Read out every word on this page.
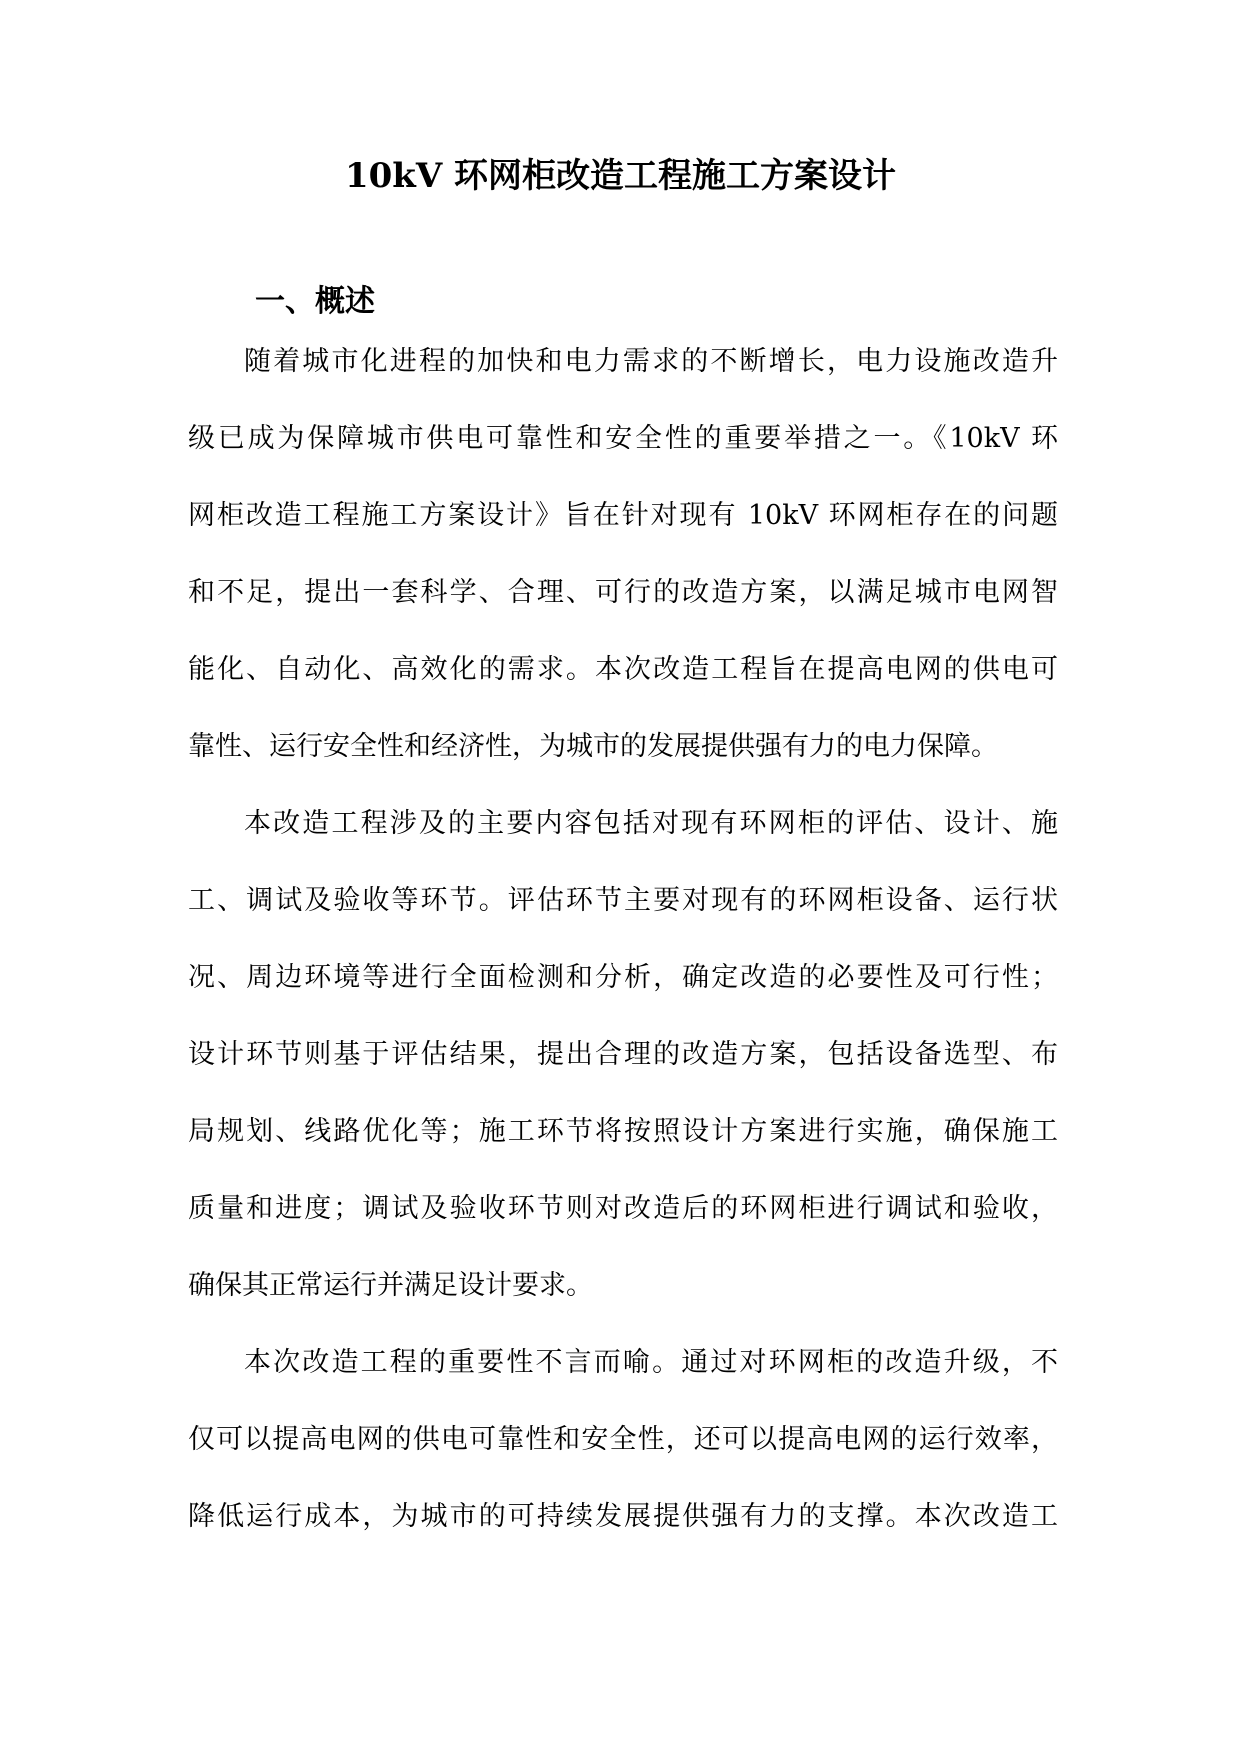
10kV 环网柜改造工程施工方案设计
一、概述
随着城市化进程的加快和电力需求的不断增长，电力设施改造升
级已成为保障城市供电可靠性和安全性的重要举措之一。《10kV 环
网柜改造工程施工方案设计》旨在针对现有 10kV 环网柜存在的问题
和不足，提出一套科学、合理、可行的改造方案，以满足城市电网智
能化、自动化、高效化的需求。本次改造工程旨在提高电网的供电可
靠性、运行安全性和经济性，为城市的发展提供强有力的电力保障。
本改造工程涉及的主要内容包括对现有环网柜的评估、设计、施
工、调试及验收等环节。评估环节主要对现有的环网柜设备、运行状
况、周边环境等进行全面检测和分析，确定改造的必要性及可行性；
设计环节则基于评估结果，提出合理的改造方案，包括设备选型、布
局规划、线路优化等；施工环节将按照设计方案进行实施，确保施工
质量和进度；调试及验收环节则对改造后的环网柜进行调试和验收，
确保其正常运行并满足设计要求。
本次改造工程的重要性不言而喻。通过对环网柜的改造升级，不
仅可以提高电网的供电可靠性和安全性，还可以提高电网的运行效率，
降低运行成本，为城市的可持续发展提供强有力的支撑。本次改造工
